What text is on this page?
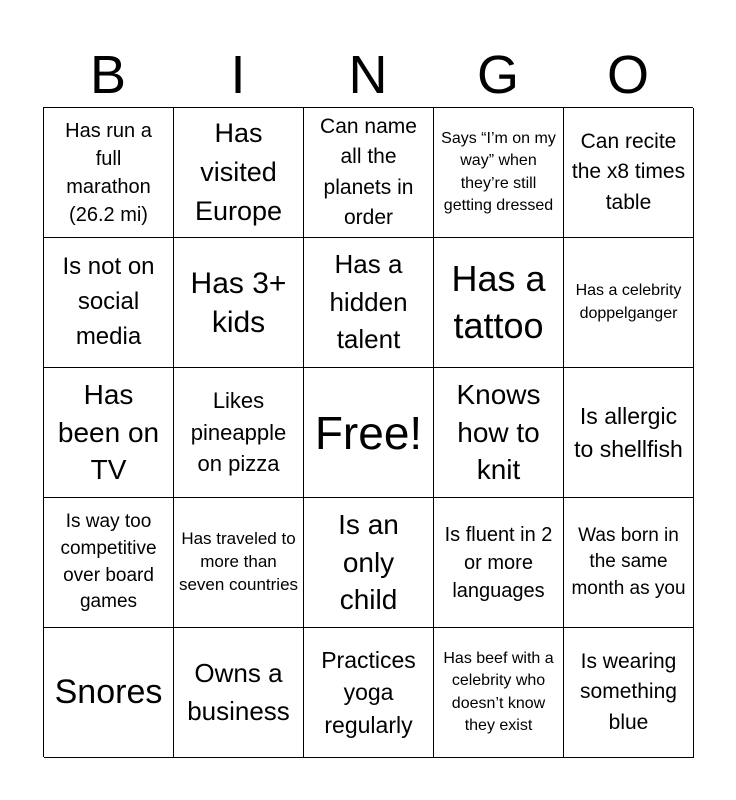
B	I	N	G	O
Has run a full marathon (26.2 mi)
Has visited Europe
Can name all the planets in order
Says “I’m on my way” when they’re still getting dressed
Can recite the x8 times table
Is not on social media
Has 3+ kids
Has a hidden talent
Has a tattoo
Has a celebrity doppelganger
Has been on TV
Likes pineapple on pizza
Free!
Knows how to knit
Is allergic to shellfish
Is way too competitive over board games
Has traveled to more than seven countries
Is an only child
Is fluent in 2 or more languages
Was born in the same month as you
Snores
Owns a business
Practices yoga regularly
Has beef with a celebrity who doesn’t know they exist
Is wearing something blue
